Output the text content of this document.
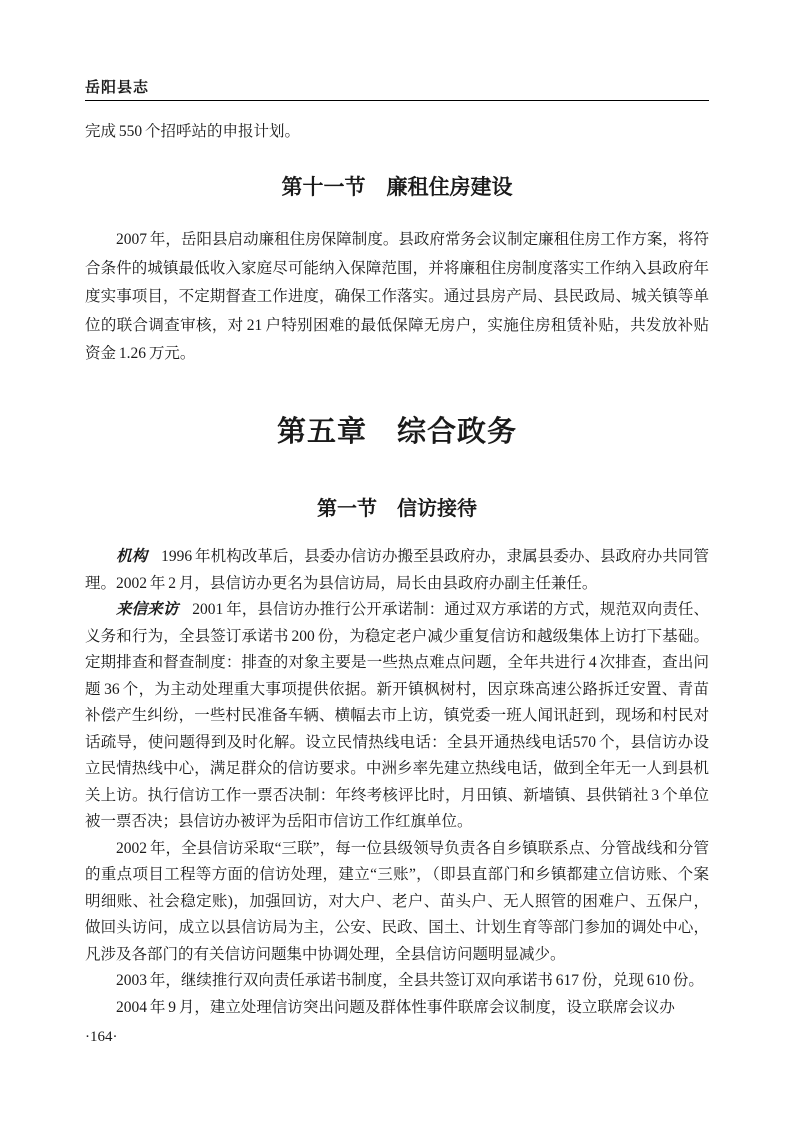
岳阳县志

完成 550 个招呼站的申报计划。

第十一节　廉租住房建设

2007 年，岳阳县启动廉租住房保障制度。县政府常务会议制定廉租住房工作方案，将符合条件的城镇最低收入家庭尽可能纳入保障范围，并将廉租住房制度落实工作纳入县政府年度实事项目，不定期督查工作进度，确保工作落实。通过县房产局、县民政局、城关镇等单位的联合调查审核，对 21 户特别困难的最低保障无房户，实施住房租赁补贴，共发放补贴资金 1.26 万元。

第五章　综合政务
第一节　信访接待

机构 1996 年机构改革后，县委办信访办搬至县政府办，隶属县委办、县政府办共同管理。2002 年 2 月，县信访办更名为县信访局，局长由县政府办副主任兼任。

来信来访 2001 年，县信访办推行公开承诺制：通过双方承诺的方式，规范双向责任、义务和行为，全县签订承诺书 200 份，为稳定老户减少重复信访和越级集体上访打下基础。定期排查和督查制度：排查的对象主要是一些热点难点问题，全年共进行 4 次排查，查出问题 36 个，为主动处理重大事项提供依据。新开镇枫树村，因京珠高速公路拆迁安置、青苗补偿产生纠纷，一些村民准备车辆、横幅去市上访，镇党委一班人闻讯赶到，现场和村民对话疏导，使问题得到及时化解。设立民情热线电话：全县开通热线电话570 个，县信访办设立民情热线中心，满足群众的信访要求。中洲乡率先建立热线电话，做到全年无一人到县机关上访。执行信访工作一票否决制：年终考核评比时，月田镇、新墙镇、县供销社 3 个单位被一票否决；县信访办被评为岳阳市信访工作红旗单位。

2002 年，全县信访采取“三联”，每一位县级领导负责各自乡镇联系点、分管战线和分管的重点项目工程等方面的信访处理，建立“三账”，（即县直部门和乡镇都建立信访账、个案明细账、社会稳定账)，加强回访，对大户、老户、苗头户、无人照管的困难户、五保户，做回头访问，成立以县信访局为主，公安、民政、国土、计划生育等部门参加的调处中心，凡涉及各部门的有关信访问题集中协调处理，全县信访问题明显减少。

2003 年，继续推行双向责任承诺书制度，全县共签订双向承诺书 617 份，兑现 610 份。

2004 年 9 月，建立处理信访突出问题及群体性事件联席会议制度，设立联席会议办

·164·
